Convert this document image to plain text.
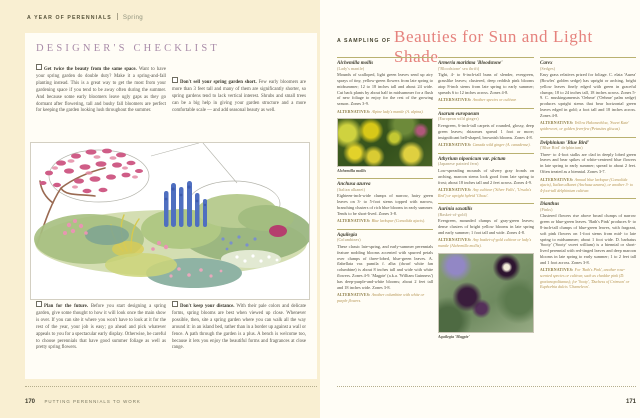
A YEAR OF PERENNIALS Spring
DESIGNER'S CHECKLIST
Get twice the beauty from the same space. Want to have your spring garden do double duty? Make it a spring-and-fall planting instead. This is a great way to get the most from your gardening space if you tend to be away often during the summer. And because some early bloomers leave ugly gaps as they go dormant after flowering, tall and bushy fall bloomers are perfect for keeping the garden looking lush throughout the summer.
Don't sell your spring garden short. Few early bloomers are more than 3 feet tall and many of them are significantly shorter, so spring gardens tend to lack vertical interest. Shrubs and small trees can be a big help in giving your garden structure and a more comfortable scale — and add seasonal beauty as well.
Plan for the future. Before you start designing a spring garden, give some thought to how it will look once the main show is over. If you can site it where you won't have to look at it for the rest of the year, your job is easy; go ahead and pick whatever appeals to you for a spectacular early display. Otherwise, be careful to choose perennials that have good summer foliage as well as pretty spring flowers.
Don't keep your distance. With their pale colors and delicate forms, spring blooms are best when viewed up close. Whenever possible, then, site a spring garden where you can walk all the way around it: in an island bed, rather than in a border up against a wall or fence. A path through the garden is a plus. A bench is welcome too, because it lets you enjoy the beautiful forms and fragrances at close range.
170 PUTTING PERENNIALS TO WORK
A SAMPLING OF Beauties for Sun and Light Shade
Alchemilla mollis
(Lady's mantle)
Mounds of scalloped, light green leaves send up airy sprays of tiny, yellow-green flowers from late spring to midsummer; 12 to 18 inches tall and about 24 wide. Cut back plants by about half in midsummer for a flush of new foliage to enjoy for the rest of the growing season. Zones 3-9.
ALTERNATIVES: Alpine lady's mantle (A. alpina).
Alchemilla mollis
Anchusa azurea
(Italian alkanet)
Eighteen-inch-wide clumps of narrow, hairy green leaves on 3- to 5-foot stems topped with narrow, branching clusters of rich blue blooms in early summer. Tends to be short-lived. Zones 3-8.
ALTERNATIVES: Blue larkspur (Consolida ajacis).
Aquilegia
(Columbines)
These classic late-spring, and early-summer perennials feature nodding blooms accented with spurred petals over clumps of three-lobed, blue-green leaves. A. flabellata var. pumila f. alba (dwarf white fan columbine) is about 8 inches tall and wide with white flowers. Zones 4-9. 'Magpie' (a.k.a. 'William Guinness') has deep-purple-and-white blooms; about 2 feet tall and 18 inches wide. Zones 3-8.
ALTERNATIVES: Another columbine with white or purple flowers.
Armeria maritima 'Bloodstone'
('Bloodstone' sea thrift)
Tight, 4- to 6-inch-tall buns of slender, evergreen, grasslike leaves; clustered, deep reddish pink blooms atop 8-inch stems from late spring to early summer; spreads 6 to 12 inches across. Zones 4-8.
ALTERNATIVES: Another species or cultivar.
Asarum europaeum
(European wild ginger)
Evergreen, 6-inch-tall carpets of rounded, glossy, deep green leaves; rhizomes spread 1 foot or more; insignificant bell-shaped, brownish blooms. Zones 4-8.
ALTERNATIVES: Canada wild ginger (A. canadense).
Athyrium niponicum var. pictum
(Japanese painted fern)
Low-spreading mounds of silvery gray fronds on arching, maroon stems look good from late spring to frost; about 18 inches tall and 2 feet across. Zones 4-9.
ALTERNATIVES: Any cultivar ('Silver Falls', 'Ursula's Red') or upright hybrid 'Ghost'.
Aurinia saxatilis
(Basket-of-gold)
Evergreen, mounded clumps of gray-green leaves; dense clusters of bright yellow blooms in late spring and early summer; 1 foot tall and wide. Zones 4-8.
ALTERNATIVES: Any basket-of-gold cultivar or lady's mantle (Alchemilla mollis).
Aquilegia 'Magpie'
Carex
(Sedges)
Easy grass relatives prized for foliage. C. elata 'Aurea' (Bowles' golden sedge) has upright or arching, bright yellow leaves finely edged with green in graceful clumps; 18 to 24 inches tall, 18 inches across. Zones 5-9. C. muskingumensis 'Oehme' ('Oehme' palm sedge) produces upright stems that bear horizontal green leaves edged in gold; a foot tall and 18 inches across. Zones 4-8.
ALTERNATIVES: Yellow Hakonechloa, 'Sweet Kate' spiderwort, or golden feverfew (Petasites gliscus).
Delphinium 'Blue Bird'
('Blue Bird' delphinium)
Three- to 4-foot stalks are clad in deeply lobed green leaves and bear spikes of white-centered blue flowers in late spring to early summer; spread to about 2 feet. Often treated as a biennial. Zones 3-7.
ALTERNATIVES: Annual blue larkspur (Consolida ajacis), Italian alkanet (Anchusa azurea), or another 3- to 4-foot-tall delphinium cultivar.
Dianthus
(Pinks)
Clustered flowers rise above broad clumps of narrow green or blue-green leaves. 'Bath's Pink' produces 6- to 8-inch-tall clumps of blue-green leaves, with fragrant, soft pink flowers on 1-foot stems from mid- to late spring to midsummer; about 1 foot wide. D. barbatus 'Sooty' ('Sooty' sweet william) is a biennial or short-lived perennial with red-tinged leaves and deep maroon blooms in late spring to early summer; 1 to 2 feet tall and 1 foot across. Zones 3-8.
ALTERNATIVES: For 'Bath's Pink', another rose-scented species or cultivar, such as cheddar pink (D. gratianopolitanus); for 'Sooty', 'Duchess of Crimson' or Euphorbia dulcis 'Chameleon'.
171
